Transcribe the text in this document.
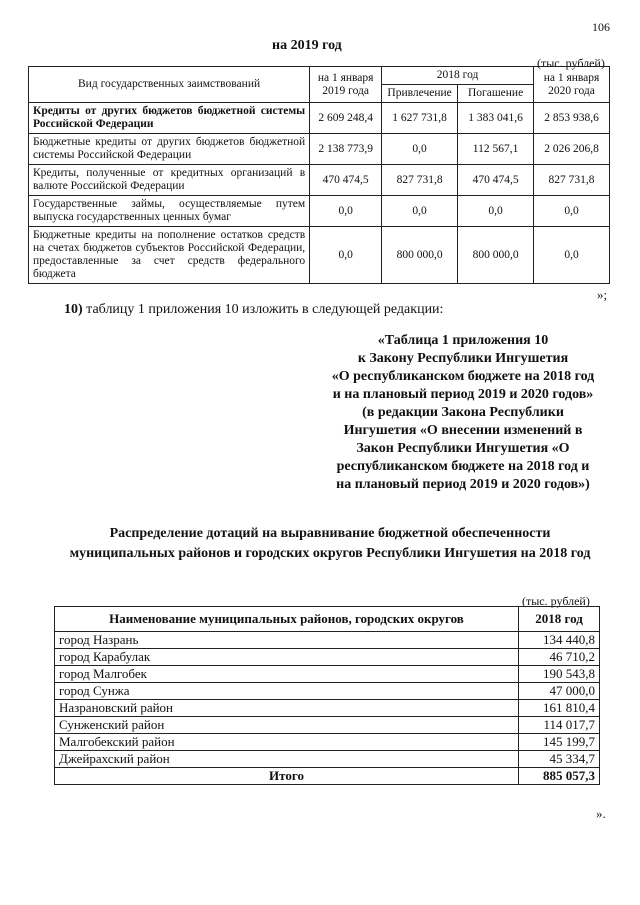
106
на 2019 год
(тыс. рублей)
Вид государственных заимствований	на 1 января 2019 года	2018 год		на 1 января 2020 года
		Привлечение	Погашение	
Кредиты от других бюджетов бюджетной системы Российской Федерации	2 609 248,4	1 627 731,8	1 383 041,6	2 853 938,6
Бюджетные кредиты от других бюджетов бюджетной системы Российской Федерации	2 138 773,9	0,0	112 567,1	2 026 206,8
Кредиты, полученные от кредитных организаций в валюте Российской Федерации	470 474,5	827 731,8	470 474,5	827 731,8
Государственные займы, осуществляемые путем выпуска государственных ценных бумаг	0,0	0,0	0,0	0,0
Бюджетные кредиты на пополнение остатков средств на счетах бюджетов субъектов Российской Федерации, предоставленные за счет средств федерального бюджета	0,0	800 000,0	800 000,0	0,0
»;
10) таблицу 1 приложения 10 изложить в следующей редакции:
«Таблица 1 приложения 10
к Закону Республики Ингушетия
«О республиканском бюджете на 2018 год
и на плановый период 2019 и 2020 годов»
(в редакции Закона Республики
Ингушетия «О внесении изменений в
Закон Республики Ингушетия «О
республиканском бюджете на 2018 год и
на плановый период 2019 и 2020 годов»)
Распределение дотаций на выравнивание бюджетной обеспеченности
муниципальных районов и городских округов Республики Ингушетия на 2018 год
(тыс. рублей)
Наименование муниципальных районов, городских округов	2018 год
город Назрань	134 440,8
город Карабулак	46 710,2
город Малгобек	190 543,8
город Сунжа	47 000,0
Назрановский район	161 810,4
Сунженский район	114 017,7
Малгобекский район	145 199,7
Джейрахский район	45 334,7
Итого	885 057,3
».
